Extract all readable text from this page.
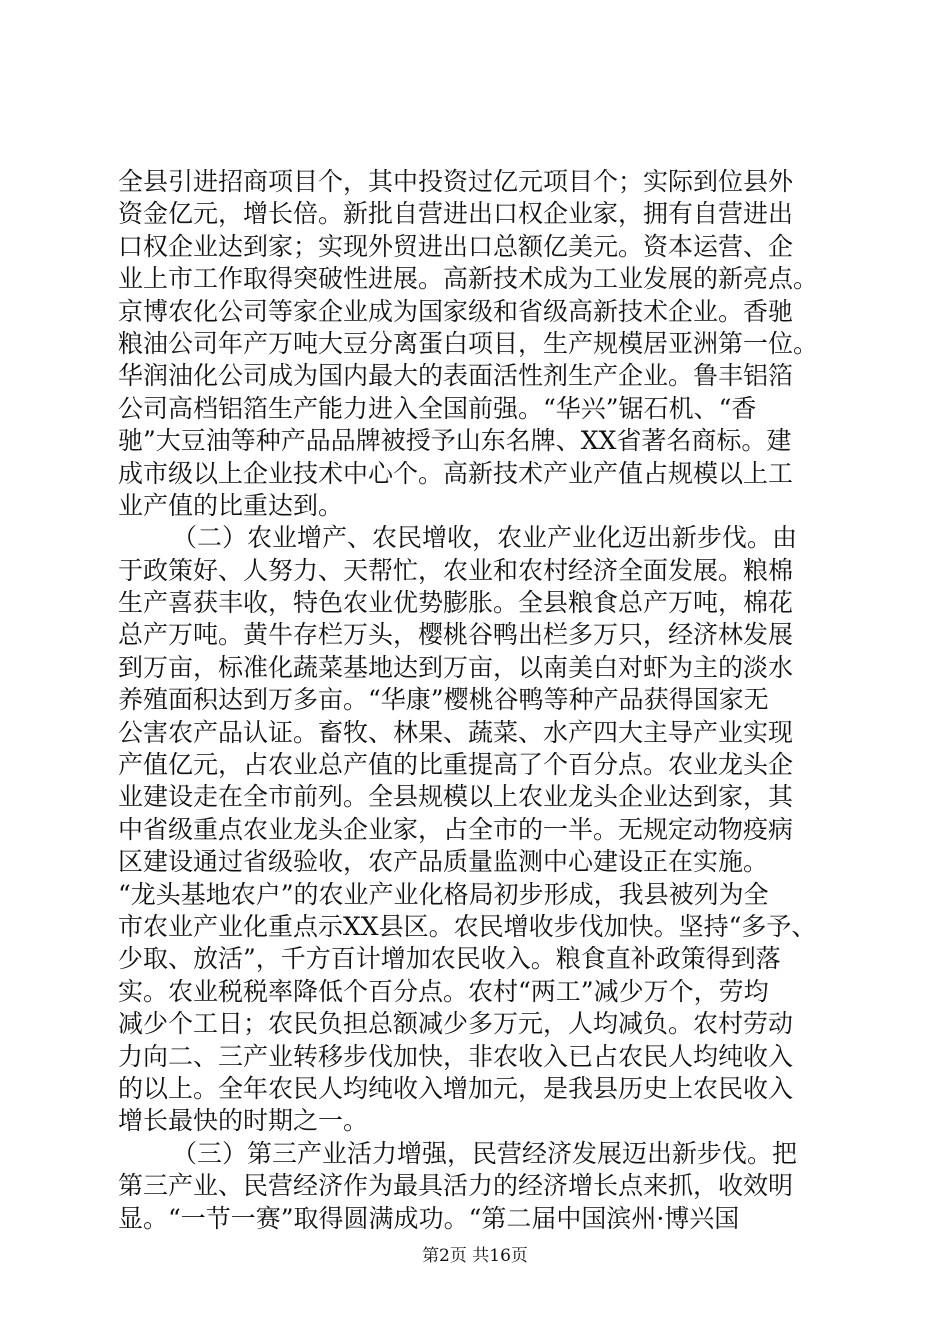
全县引进招商项目个，其中投资过亿元项目个；实际到位县外
资金亿元，增长倍。新批自营进出口权企业家，拥有自营进出
口权企业达到家；实现外贸进出口总额亿美元。资本运营、企
业上市工作取得突破性进展。高新技术成为工业发展的新亮点。
京博农化公司等家企业成为国家级和省级高新技术企业。香驰
粮油公司年产万吨大豆分离蛋白项目，生产规模居亚洲第一位。
华润油化公司成为国内最大的表面活性剂生产企业。鲁丰铝箔
公司高档铝箔生产能力进入全国前强。“华兴”锯石机、“香
驰”大豆油等种产品品牌被授予山东名牌、XX省著名商标。建
成市级以上企业技术中心个。高新技术产业产值占规模以上工
业产值的比重达到。
（二）农业增产、农民增收，农业产业化迈出新步伐。由
于政策好、人努力、天帮忙，农业和农村经济全面发展。粮棉
生产喜获丰收，特色农业优势膨胀。全县粮食总产万吨，棉花
总产万吨。黄牛存栏万头，樱桃谷鸭出栏多万只，经济林发展
到万亩，标准化蔬菜基地达到万亩，以南美白对虾为主的淡水
养殖面积达到万多亩。“华康”樱桃谷鸭等种产品获得国家无
公害农产品认证。畜牧、林果、蔬菜、水产四大主导产业实现
产值亿元，占农业总产值的比重提高了个百分点。农业龙头企
业建设走在全市前列。全县规模以上农业龙头企业达到家，其
中省级重点农业龙头企业家，占全市的一半。无规定动物疫病
区建设通过省级验收，农产品质量监测中心建设正在实施。
“龙头基地农户”的农业产业化格局初步形成，我县被列为全
市农业产业化重点示XX县区。农民增收步伐加快。坚持“多予、
少取、放活”，千方百计增加农民收入。粮食直补政策得到落
实。农业税税率降低个百分点。农村“两工”减少万个，劳均
减少个工日；农民负担总额减少多万元，人均减负。农村劳动
力向二、三产业转移步伐加快，非农收入已占农民人均纯收入
的以上。全年农民人均纯收入增加元，是我县历史上农民收入
增长最快的时期之一。
（三）第三产业活力增强，民营经济发展迈出新步伐。把
第三产业、民营经济作为最具活力的经济增长点来抓，收效明
显。“一节一赛”取得圆满成功。“第二届中国滨州·博兴国
第2页 共16页
